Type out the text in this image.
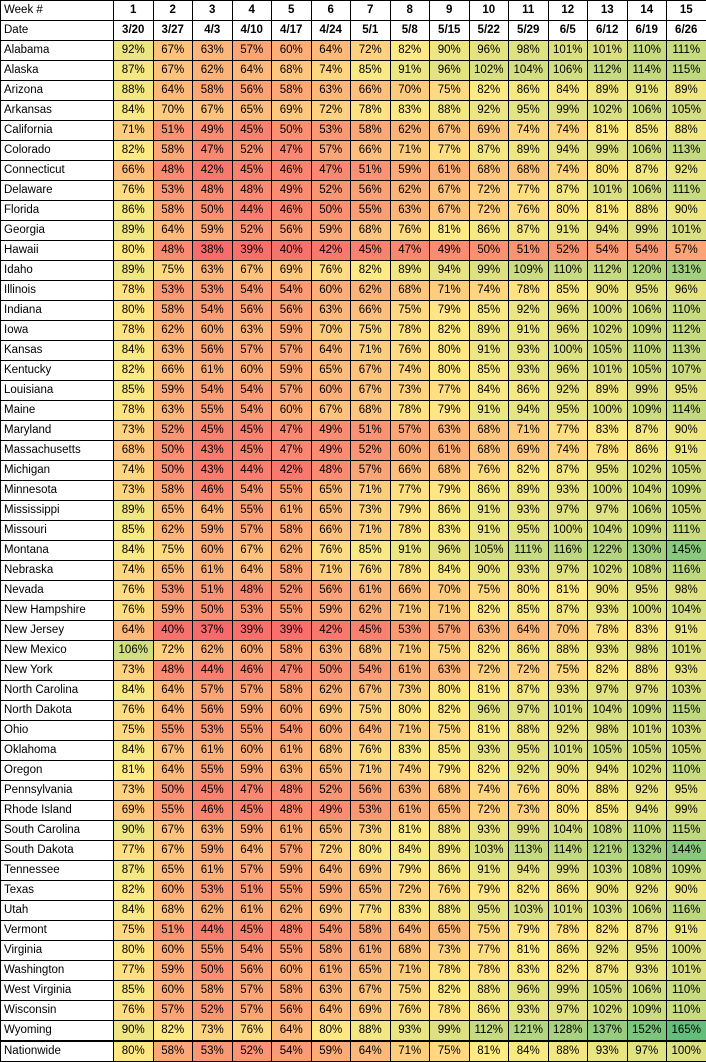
Week #	1	2	3	4	5	6	7	8	9	10	11	12	13	14	15
Date	3/20	3/27	4/3	4/10	4/17	4/24	5/1	5/8	5/15	5/22	5/29	6/5	6/12	6/19	6/26
Alabama	92%	67%	63%	57%	60%	64%	72%	82%	90%	96%	98%	101%	101%	110%	111%
Alaska	87%	67%	62%	64%	68%	74%	85%	91%	96%	102%	104%	106%	112%	114%	115%
Arizona	88%	64%	58%	56%	58%	63%	66%	70%	75%	82%	86%	84%	89%	91%	89%
Arkansas	84%	70%	67%	65%	69%	72%	78%	83%	88%	92%	95%	99%	102%	106%	105%
California	71%	51%	49%	45%	50%	53%	58%	62%	67%	69%	74%	74%	81%	85%	88%
Colorado	82%	58%	47%	52%	47%	57%	66%	71%	77%	87%	89%	94%	99%	106%	113%
Connecticut	66%	48%	42%	45%	46%	47%	51%	59%	61%	68%	68%	74%	80%	87%	92%
Delaware	76%	53%	48%	48%	49%	52%	56%	62%	67%	72%	77%	87%	101%	106%	111%
Florida	86%	58%	50%	44%	46%	50%	55%	63%	67%	72%	76%	80%	81%	88%	90%
Georgia	89%	64%	59%	52%	56%	59%	68%	76%	81%	86%	87%	91%	94%	99%	101%
Hawaii	80%	48%	38%	39%	40%	42%	45%	47%	49%	50%	51%	52%	54%	54%	57%
Idaho	89%	75%	63%	67%	69%	76%	82%	89%	94%	99%	109%	110%	112%	120%	131%
Illinois	78%	53%	53%	54%	54%	60%	62%	68%	71%	74%	78%	85%	90%	95%	96%
Indiana	80%	58%	54%	56%	56%	63%	66%	75%	79%	85%	92%	96%	100%	106%	110%
Iowa	78%	62%	60%	63%	59%	70%	75%	78%	82%	89%	91%	96%	102%	109%	112%
Kansas	84%	63%	56%	57%	57%	64%	71%	76%	80%	91%	93%	100%	105%	110%	113%
Kentucky	82%	66%	61%	60%	59%	65%	67%	74%	80%	85%	93%	96%	101%	105%	107%
Louisiana	85%	59%	54%	54%	57%	60%	67%	73%	77%	84%	86%	92%	89%	99%	95%
Maine	78%	63%	55%	54%	60%	67%	68%	78%	79%	91%	94%	95%	100%	109%	114%
Maryland	73%	52%	45%	45%	47%	49%	51%	57%	63%	68%	71%	77%	83%	87%	90%
Massachusetts	68%	50%	43%	45%	47%	49%	52%	60%	61%	68%	69%	74%	78%	86%	91%
Michigan	74%	50%	43%	44%	42%	48%	57%	66%	68%	76%	82%	87%	95%	102%	105%
Minnesota	73%	58%	46%	54%	55%	65%	71%	77%	79%	86%	89%	93%	100%	104%	109%
Mississippi	89%	65%	64%	55%	61%	65%	73%	79%	86%	91%	93%	97%	97%	106%	105%
Missouri	85%	62%	59%	57%	58%	66%	71%	78%	83%	91%	95%	100%	104%	109%	111%
Montana	84%	75%	60%	67%	62%	76%	85%	91%	96%	105%	111%	116%	122%	130%	145%
Nebraska	74%	65%	61%	64%	58%	71%	76%	78%	84%	90%	93%	97%	102%	108%	116%
Nevada	76%	53%	51%	48%	52%	56%	61%	66%	70%	75%	80%	81%	90%	95%	98%
New Hampshire	76%	59%	50%	53%	55%	59%	62%	71%	71%	82%	85%	87%	93%	100%	104%
New Jersey	64%	40%	37%	39%	39%	42%	45%	53%	57%	63%	64%	70%	78%	83%	91%
New Mexico	106%	72%	62%	60%	58%	63%	68%	71%	75%	82%	86%	88%	93%	98%	101%
New York	73%	48%	44%	46%	47%	50%	54%	61%	63%	72%	72%	75%	82%	88%	93%
North Carolina	84%	64%	57%	57%	58%	62%	67%	73%	80%	81%	87%	93%	97%	97%	103%
North Dakota	76%	64%	56%	59%	60%	69%	75%	80%	82%	96%	97%	101%	104%	109%	115%
Ohio	75%	55%	53%	55%	54%	60%	64%	71%	75%	81%	88%	92%	98%	101%	103%
Oklahoma	84%	67%	61%	60%	61%	68%	76%	83%	85%	93%	95%	101%	105%	105%	105%
Oregon	81%	64%	55%	59%	63%	65%	71%	74%	79%	82%	92%	90%	94%	102%	110%
Pennsylvania	73%	50%	45%	47%	48%	52%	56%	63%	68%	74%	76%	80%	88%	92%	95%
Rhode Island	69%	55%	46%	45%	48%	49%	53%	61%	65%	72%	73%	80%	85%	94%	99%
South Carolina	90%	67%	63%	59%	61%	65%	73%	81%	88%	93%	99%	104%	108%	110%	115%
South Dakota	77%	67%	59%	64%	57%	72%	80%	84%	89%	103%	113%	114%	121%	132%	144%
Tennessee	87%	65%	61%	57%	59%	64%	69%	79%	86%	91%	94%	99%	103%	108%	109%
Texas	82%	60%	53%	51%	55%	59%	65%	72%	76%	79%	82%	86%	90%	92%	90%
Utah	84%	68%	62%	61%	62%	69%	77%	83%	88%	95%	103%	101%	103%	106%	116%
Vermont	75%	51%	44%	45%	48%	54%	58%	64%	65%	75%	79%	78%	82%	87%	91%
Virginia	80%	60%	55%	54%	55%	58%	61%	68%	73%	77%	81%	86%	92%	95%	100%
Washington	77%	59%	50%	56%	60%	61%	65%	71%	78%	78%	83%	82%	87%	93%	101%
West Virginia	85%	60%	58%	57%	58%	63%	67%	75%	82%	88%	96%	99%	105%	106%	110%
Wisconsin	76%	57%	52%	57%	56%	64%	69%	76%	78%	86%	93%	97%	102%	109%	110%
Wyoming	90%	82%	73%	76%	64%	80%	88%	93%	99%	112%	121%	128%	137%	152%	165%
Nationwide	80%	58%	53%	52%	54%	59%	64%	71%	75%	81%	84%	88%	93%	97%	100%
